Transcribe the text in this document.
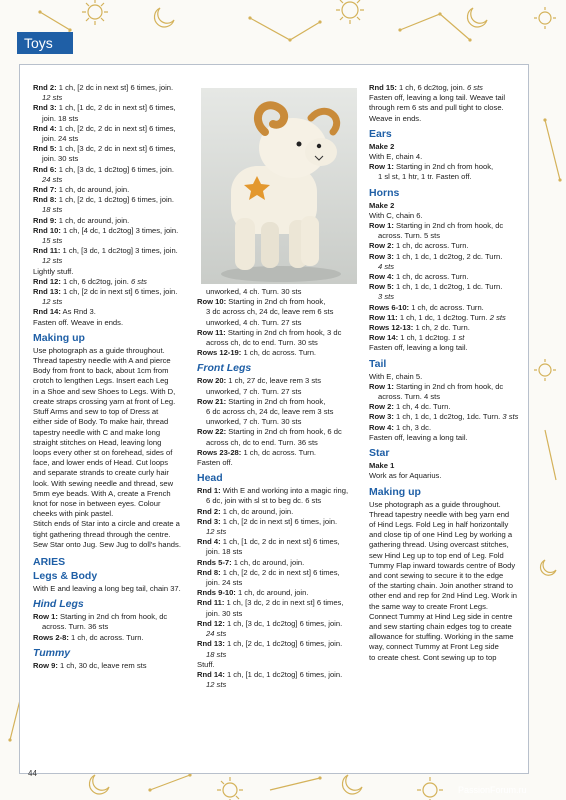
Toys

Rnd 2: 1 ch, [2 dc in next st] 6 times, join.

12 sts

Rnd 3: 1 ch, [1 dc, 2 dc in next st] 6 times,

join. 18 sts

Rnd 4: 1 ch, [2 dc, 2 dc in next st] 6 times,

join. 24 sts

Rnd 5: 1 ch, [3 dc, 2 dc in next st] 6 times,

join. 30 sts

Rnd 6: 1 ch, [3 dc, 1 dc2tog] 6 times, join.

24 sts

Rnd 7: 1 ch, dc around, join.

Rnd 8: 1 ch, [2 dc, 1 dc2tog] 6 times, join.

18 sts

Rnd 9: 1 ch, dc around, join.

Rnd 10: 1 ch, [4 dc, 1 dc2tog] 3 times, join.

15 sts

Rnd 11: 1 ch, [3 dc, 1 dc2tog] 3 times, join.

12 sts

Lightly stuff.

Rnd 12: 1 ch, 6 dc2tog, join. 6 sts

Rnd 13: 1 ch, [2 dc in next st] 6 times, join.

12 sts

Rnd 14: As Rnd 3.

Fasten off. Weave in ends.

Making up

Use photograph as a guide throughout.

Thread tapestry needle with A and pierce

Body from front to back, about 1cm from

crotch to lengthen Legs. Insert each Leg

in a Shoe and sew Shoes to Legs. With D,

create straps crossing yarn at front of Leg.

Stuff Arms and sew to top of Dress at

either side of Body. To make hair, thread

tapestry needle with C and make long

straight stitches on Head, leaving long

loops every other st on forehead, sides of

face, and lower ends of Head. Cut loops

and separate strands to create curly hair

look. With sewing needle and thread, sew

5mm eye beads. With A, create a French

knot for nose in between eyes. Colour

cheeks with pink pastel.

Stitch ends of Star into a circle and create a

tight gathering thread through the centre.

Sew Star onto Jug. Sew Jug to doll's hands.

ARIES
Legs & Body

With E and leaving a long beg tail, chain 37.

Hind Legs

Row 1: Starting in 2nd ch from hook, dc

across. Turn. 36 sts

Rows 2-8: 1 ch, dc across. Turn.

Tummy

Row 9: 1 ch, 30 dc, leave rem sts

unworked, 4 ch. Turn. 30 sts

Row 10: Starting in 2nd ch from hook,

3 dc across ch, 24 dc, leave rem 6 sts

unworked, 4 ch. Turn. 27 sts

Row 11: Starting in 2nd ch from hook, 3 dc

across ch, dc to end. Turn. 30 sts

Rows 12-19: 1 ch, dc across. Turn.

Front Legs

Row 20: 1 ch, 27 dc, leave rem 3 sts

unworked, 7 ch. Turn. 27 sts

Row 21: Starting in 2nd ch from hook,

6 dc across ch, 24 dc, leave rem 3 sts

unworked, 7 ch. Turn. 30 sts

Row 22: Starting in 2nd ch from hook, 6 dc

across ch, dc to end. Turn. 36 sts

Rows 23-28: 1 ch, dc across. Turn.

Fasten off.

Head

Rnd 1: With E and working into a magic ring,

6 dc, join with sl st to beg dc. 6 sts

Rnd 2: 1 ch, dc around, join.

Rnd 3: 1 ch, [2 dc in next st] 6 times, join.

12 sts

Rnd 4: 1 ch, [1 dc, 2 dc in next st] 6 times,

join. 18 sts

Rnds 5-7: 1 ch, dc around, join.

Rnd 8: 1 ch, [2 dc, 2 dc in next st] 6 times,

join. 24 sts

Rnds 9-10: 1 ch, dc around, join.

Rnd 11: 1 ch, [3 dc, 2 dc in next st] 6 times,

join. 30 sts

Rnd 12: 1 ch, [3 dc, 1 dc2tog] 6 times, join.

24 sts

Rnd 13: 1 ch, [2 dc, 1 dc2tog] 6 times, join.

18 sts

Stuff.

Rnd 14: 1 ch, [1 dc, 1 dc2tog] 6 times, join.

12 sts

Rnd 15: 1 ch, 6 dc2tog, join. 6 sts

Fasten off, leaving a long tail. Weave tail

through rem 6 sts and pull tight to close.

Weave in ends.

Ears

Make 2

With E, chain 4.

Row 1: Starting in 2nd ch from hook,

1 sl st, 1 htr, 1 tr. Fasten off.

Horns

Make 2

With C, chain 6.

Row 1: Starting in 2nd ch from hook, dc

across. Turn. 5 sts

Row 2: 1 ch, dc across. Turn.

Row 3: 1 ch, 1 dc, 1 dc2tog, 2 dc. Turn.

4 sts

Row 4: 1 ch, dc across. Turn.

Row 5: 1 ch, 1 dc, 1 dc2tog, 1 dc. Turn.

3 sts

Rows 6-10: 1 ch, dc across. Turn.

Row 11: 1 ch, 1 dc, 1 dc2tog. Turn. 2 sts

Rows 12-13: 1 ch, 2 dc. Turn.

Row 14: 1 ch, 1 dc2tog. 1 st

Fasten off, leaving a long tail.

Tail

With E, chain 5.

Row 1: Starting in 2nd ch from hook, dc

across. Turn. 4 sts

Row 2: 1 ch, 4 dc. Turn.

Row 3: 1 ch, 1 dc, 1 dc2tog, 1dc. Turn. 3 sts

Row 4: 1 ch, 3 dc.

Fasten off, leaving a long tail.

Star

Make 1

Work as for Aquarius.

Making up

Use photograph as a guide throughout.

Thread tapestry needle with beg yarn end

of Hind Legs. Fold Leg in half horizontally

and close tip of one Hind Leg by working a

gathering thread. Using overcast stitches,

sew Hind Leg up to top end of Leg. Fold

Tummy Flap inward towards centre of Body

and cont sewing to secure it to the edge

of the starting chain. Join another strand to

other end and rep for 2nd Hind Leg. Work in

the same way to create Front Legs.

Connect Tummy at Hind Leg side in centre

and sew starting chain edges tog to create

allowance for stuffing. Working in the same

way, connect Tummy at Front Leg side

to create chest. Cont sewing up to top

44
PassionForum.ru
